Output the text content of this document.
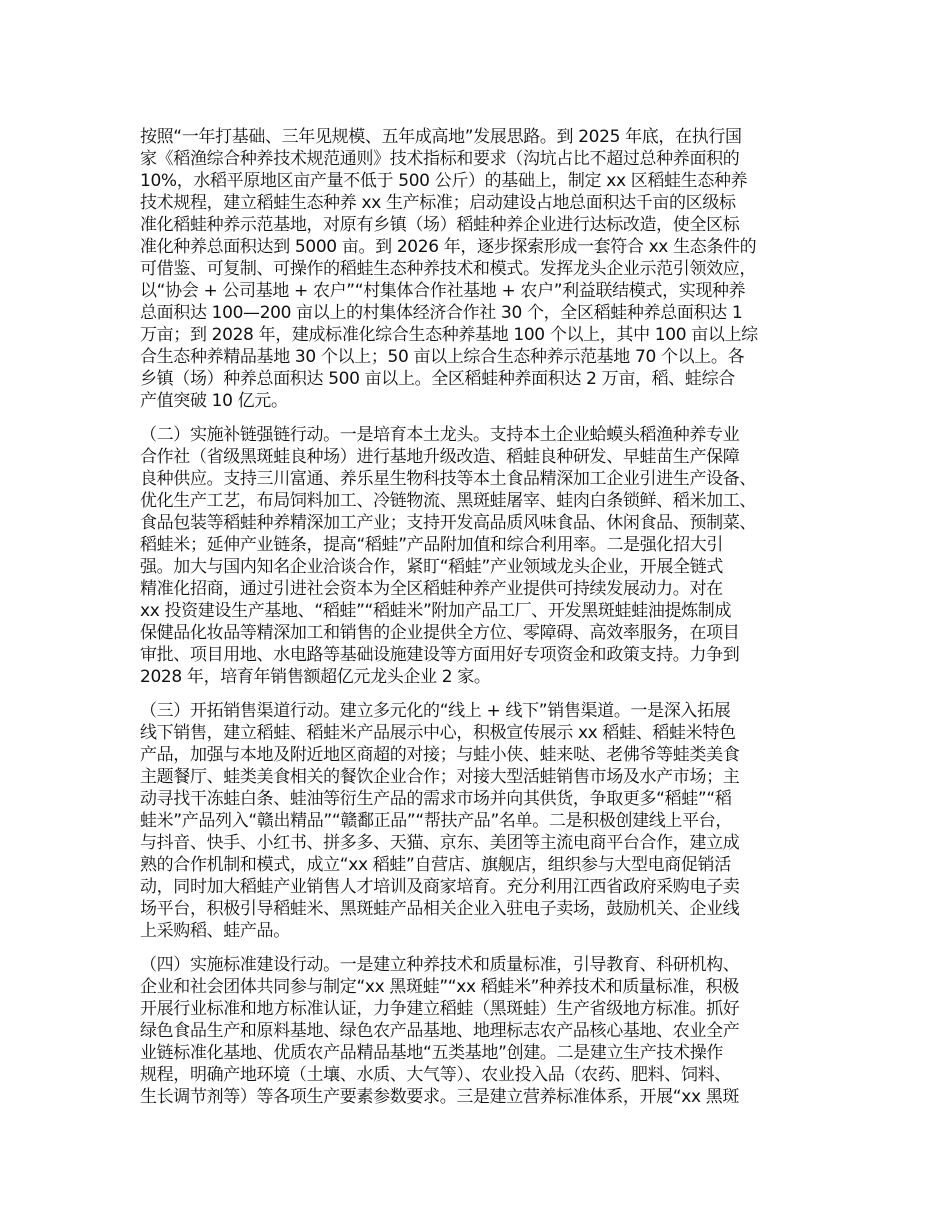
按照“一年打基础、三年见规模、五年成高地”发展思路。到 2025 年底，在执行国
家《稻渔综合种养技术规范通则》技术指标和要求（沟坑占比不超过总种养面积的
10%，水稻平原地区亩产量不低于 500 公斤）的基础上，制定 xx 区稻蛙生态种养
技术规程，建立稻蛙生态种养 xx 生产标准；启动建设占地总面积达千亩的区级标
准化稻蛙种养示范基地，对原有乡镇（场）稻蛙种养企业进行达标改造，使全区标
准化种养总面积达到 5000 亩。到 2026 年，逐步探索形成一套符合 xx 生态条件的
可借鉴、可复制、可操作的稻蛙生态种养技术和模式。发挥龙头企业示范引领效应，
以“协会 + 公司基地 + 农户”“村集体合作社基地 + 农户”利益联结模式，实现种养
总面积达 100—200 亩以上的村集体经济合作社 30 个，全区稻蛙种养总面积达 1
万亩；到 2028 年，建成标准化综合生态种养基地 100 个以上，其中 100 亩以上综
合生态种养精品基地 30 个以上；50 亩以上综合生态种养示范基地 70 个以上。各
乡镇（场）种养总面积达 500 亩以上。全区稻蛙种养面积达 2 万亩，稻、蛙综合
产值突破 10 亿元。
（二）实施补链强链行动。一是培育本土龙头。支持本土企业蛤蟆头稻渔种养专业
合作社（省级黑斑蛙良种场）进行基地升级改造、稻蛙良种研发、早蛙苗生产保障
良种供应。支持三川富通、养乐星生物科技等本土食品精深加工企业引进生产设备、
优化生产工艺，布局饲料加工、冷链物流、黑斑蛙屠宰、蛙肉白条锁鲜、稻米加工、
食品包装等稻蛙种养精深加工产业；支持开发高品质风味食品、休闲食品、预制菜、
稻蛙米；延伸产业链条，提高“稻蛙”产品附加值和综合利用率。二是强化招大引
强。加大与国内知名企业洽谈合作，紧盯“稻蛙”产业领域龙头企业，开展全链式
精准化招商，通过引进社会资本为全区稻蛙种养产业提供可持续发展动力。对在
xx 投资建设生产基地、“稻蛙”“稻蛙米”附加产品工厂、开发黑斑蛙蛙油提炼制成
保健品化妆品等精深加工和销售的企业提供全方位、零障碍、高效率服务，在项目
审批、项目用地、水电路等基础设施建设等方面用好专项资金和政策支持。力争到
2028 年，培育年销售额超亿元龙头企业 2 家。
（三）开拓销售渠道行动。建立多元化的“线上 + 线下”销售渠道。一是深入拓展
线下销售，建立稻蛙、稻蛙米产品展示中心，积极宣传展示 xx 稻蛙、稻蛙米特色
产品，加强与本地及附近地区商超的对接；与蛙小侠、蛙来哒、老佛爷等蛙类美食
主题餐厅、蛙类美食相关的餐饮企业合作；对接大型活蛙销售市场及水产市场；主
动寻找干冻蛙白条、蛙油等衍生产品的需求市场并向其供货，争取更多“稻蛙”“稻
蛙米”产品列入“赣出精品”“赣鄱正品”“帮扶产品”名单。二是积极创建线上平台，
与抖音、快手、小红书、拼多多、天猫、京东、美团等主流电商平台合作，建立成
熟的合作机制和模式，成立“xx 稻蛙”自营店、旗舰店，组织参与大型电商促销活
动，同时加大稻蛙产业销售人才培训及商家培育。充分利用江西省政府采购电子卖
场平台，积极引导稻蛙米、黑斑蛙产品相关企业入驻电子卖场，鼓励机关、企业线
上采购稻、蛙产品。
（四）实施标准建设行动。一是建立种养技术和质量标准，引导教育、科研机构、
企业和社会团体共同参与制定“xx 黑斑蛙”“xx 稻蛙米”种养技术和质量标准，积极
开展行业标准和地方标准认证，力争建立稻蛙（黑斑蛙）生产省级地方标准。抓好
绿色食品生产和原料基地、绿色农产品基地、地理标志农产品核心基地、农业全产
业链标准化基地、优质农产品精品基地“五类基地”创建。二是建立生产技术操作
规程，明确产地环境（土壤、水质、大气等）、农业投入品（农药、肥料、饲料、
生长调节剂等）等各项生产要素参数要求。三是建立营养标准体系，开展“xx 黑斑
